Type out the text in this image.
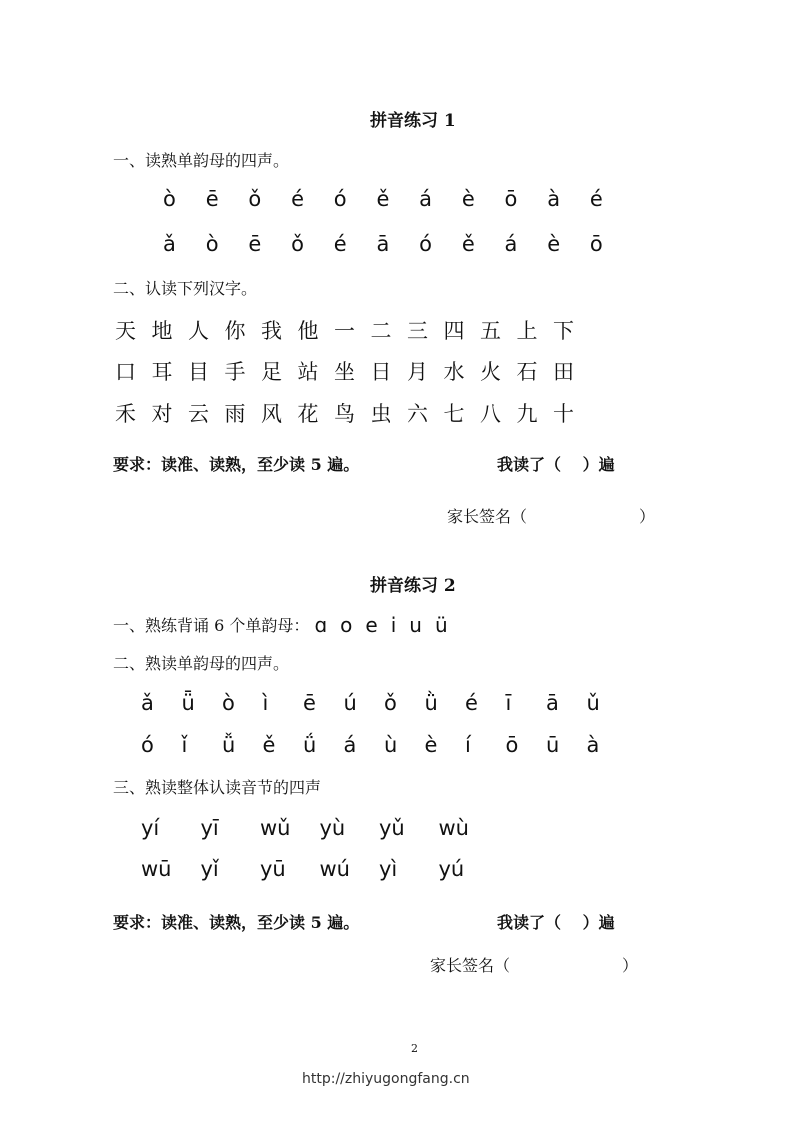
拼音练习 1
一、读熟单韵母的四声。
ò	ē	ǒ	é	ó	ě	á	è	ō	à	é
ǎ	ò	ē	ǒ	é	ā	ó	ě	á	è	ō
二、认读下列汉字。
天 地 人 你 我 他 一 二 三 四 五 上 下
口 耳 目 手 足 站 坐 日 月 水 火 石 田
禾 对 云 雨 风 花 鸟 虫 六 七 八 九 十
要求：读准、读熟，至少读 5 遍。	我读了（　 ）遍
家长签名（　　　　　　　）
拼音练习 2
一、熟练背诵 6 个单韵母： ɑ o e i u ü
二、熟读单韵母的四声。
ǎ	ǖ	ò	ì	ē	ú	ǒ	ǜ	é	ī	ā	ǔ
ó	ǐ	ǚ	ě	ǘ	á	ù	è	í	ō	ū	à
三、熟读整体认读音节的四声
yí	yī	wǔ	yù	yǔ	wù
wū	yǐ	yū	wú	yì	yú
要求：读准、读熟，至少读 5 遍。	我读了（　 ）遍
家长签名（　　　　　　　）
2
http://zhiyugongfang.cn
